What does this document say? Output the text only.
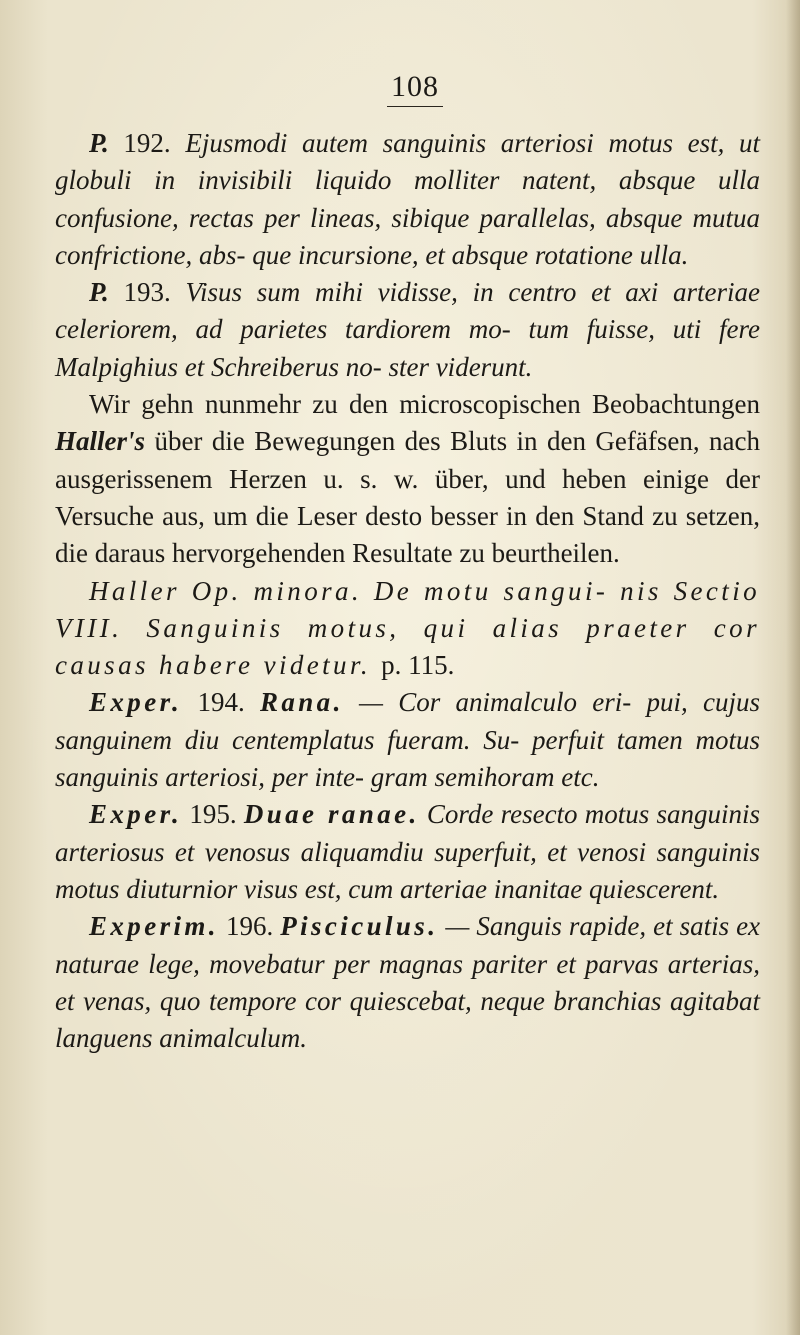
108

P. 192. Ejusmodi autem sanguinis arteriosi motus est, ut globuli in invisibili liquido molliter natent, absque ulla confusione, rectas per lineas, sibique parallelas, absque mutua confrictione, abs- que incursione, et absque rotatione ulla.

P. 193. Visus sum mihi vidisse, in centro et axi arteriae celeriorem, ad parietes tardiorem mo- tum fuisse, uti fere Malpighius et Schreiberus no- ster viderunt.

Wir gehn nunmehr zu den microscopischen Beobachtungen Haller's über die Bewegungen des Bluts in den Gefäfsen, nach ausgerissenem Herzen u. s. w. über, und heben einige der Versuche aus, um die Leser desto besser in den Stand zu setzen, die daraus hervorgehenden Resultate zu beurtheilen.

Haller Op. minora. De motu sangui- nis Sectio VIII. Sanguinis motus, qui alias praeter cor causas habere videtur. p. 115.

Exper. 194. Rana. — Cor animalculo eri- pui, cujus sanguinem diu centemplatus fueram. Su- perfuit tamen motus sanguinis arteriosi, per inte- gram semihoram etc.

Exper. 195. Duae ranae. Corde resecto motus sanguinis arteriosus et venosus aliquamdiu superfuit, et venosi sanguinis motus diuturnior visus est, cum arteriae inanitae quiescerent.

Experim. 196. Pisciculus. — Sanguis rapide, et satis ex naturae lege, movebatur per magnas pariter et parvas arterias, et venas, quo tempore cor quiescebat, neque branchias agitabat languens animalculum.
